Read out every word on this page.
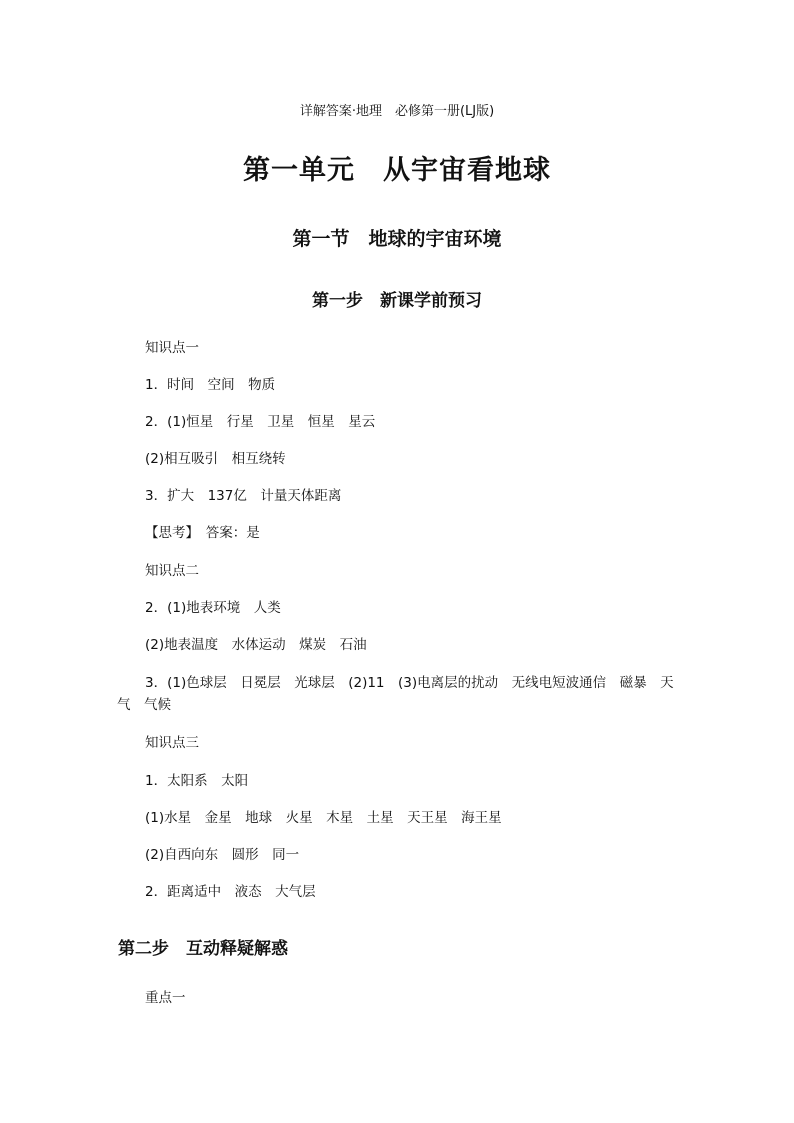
详解答案·地理　必修第一册(LJ版)
第一单元　从宇宙看地球
第一节　地球的宇宙环境
第一步　新课学前预习
知识点一
1．时间　空间　物质
2．(1)恒星　行星　卫星　恒星　星云
(2)相互吸引　相互绕转
3．扩大　137亿　计量天体距离
【思考】　答案：是
知识点二
2．(1)地表环境　人类
(2)地表温度　水体运动　煤炭　石油
3．(1)色球层　日冕层　光球层　(2)11　(3)电离层的扰动　无线电短波通信　磁暴　天
气　气候
知识点三
1．太阳系　太阳
(1)水星　金星　地球　火星　木星　土星　天王星　海王星
(2)自西向东　圆形　同一
2．距离适中　液态　大气层
第二步　互动释疑解惑
重点一
